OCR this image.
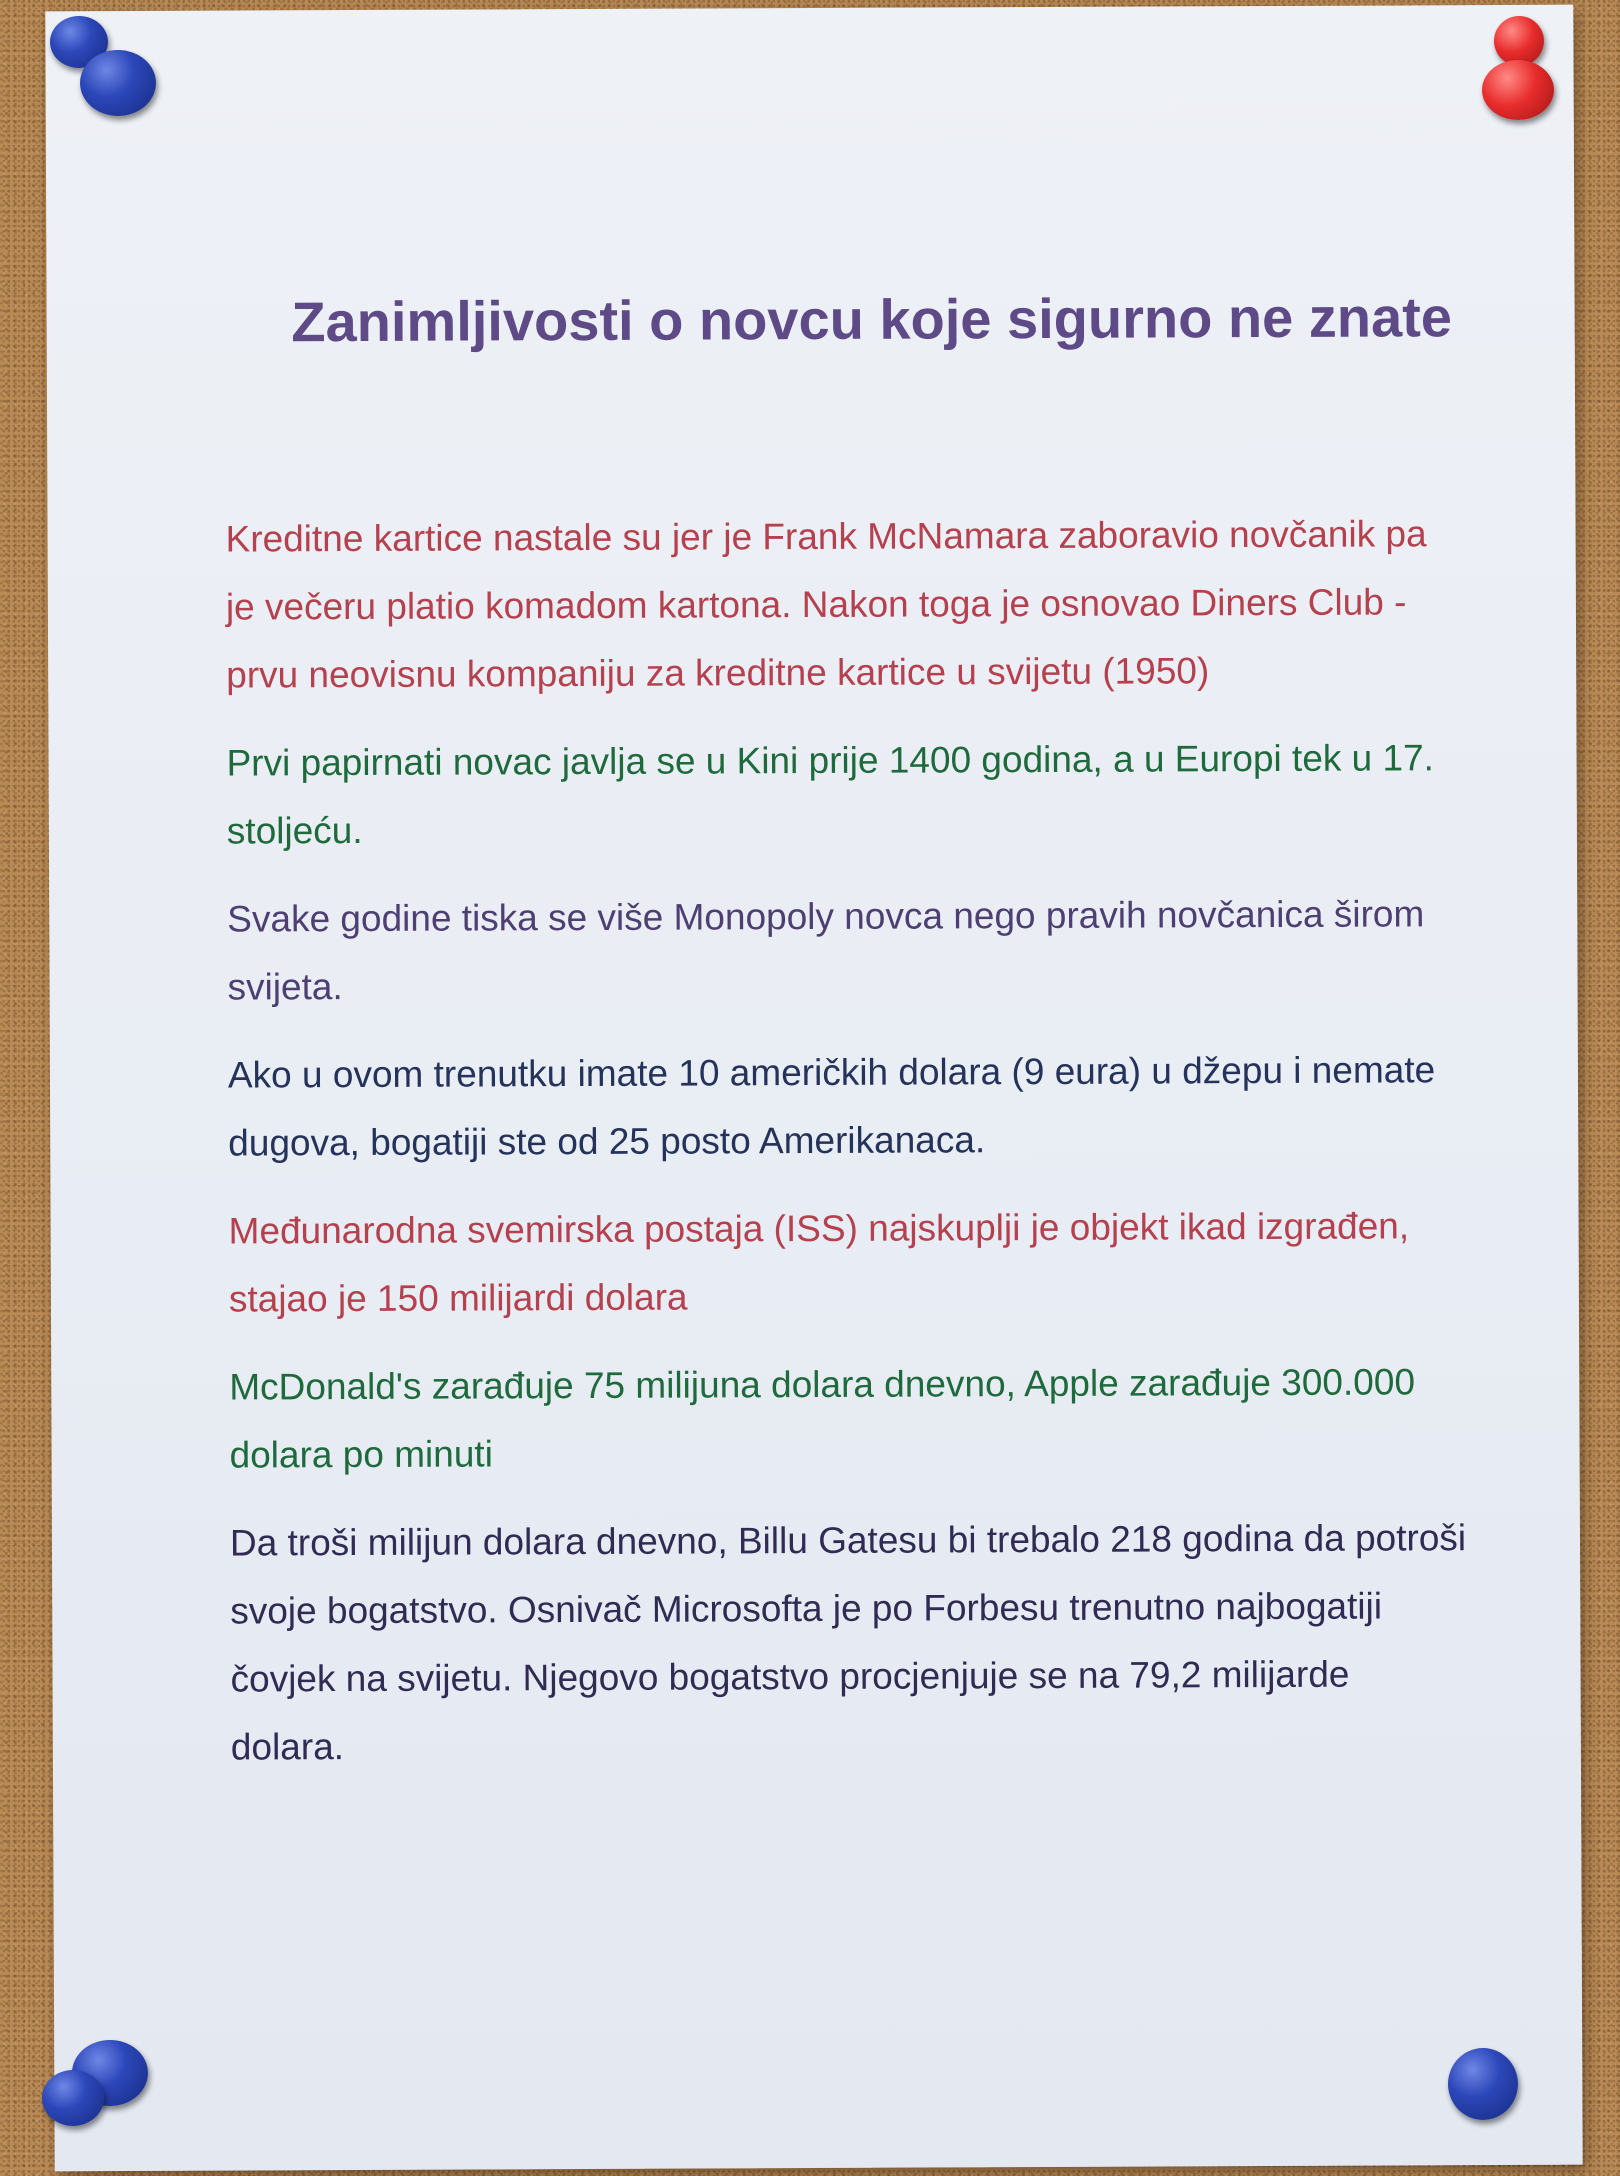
Zanimljivosti o novcu koje sigurno ne znate

Kreditne kartice nastale su jer je Frank McNamara zaboravio novčanik pa je večeru platio komadom kartona. Nakon toga je osnovao Diners Club - prvu neovisnu kompaniju za kreditne kartice u svijetu (1950)

Prvi papirnati novac javlja se u Kini prije 1400 godina, a u Europi tek u 17. stoljeću.

Svake godine tiska se više Monopoly novca nego pravih novčanica širom svijeta.

Ako u ovom trenutku imate 10 američkih dolara (9 eura) u džepu i nemate dugova, bogatiji ste od 25 posto Amerikanaca.

Međunarodna svemirska postaja (ISS) najskuplji je objekt ikad izgrađen, stajao je 150 milijardi dolara

McDonald's zarađuje 75 milijuna dolara dnevno, Apple zarađuje 300.000 dolara po minuti

Da troši milijun dolara dnevno, Billu Gatesu bi trebalo 218 godina da potroši svoje bogatstvo. Osnivač Microsofta je po Forbesu trenutno najbogatiji čovjek na svijetu. Njegovo bogatstvo procjenjuje se na 79,2 milijarde dolara.
